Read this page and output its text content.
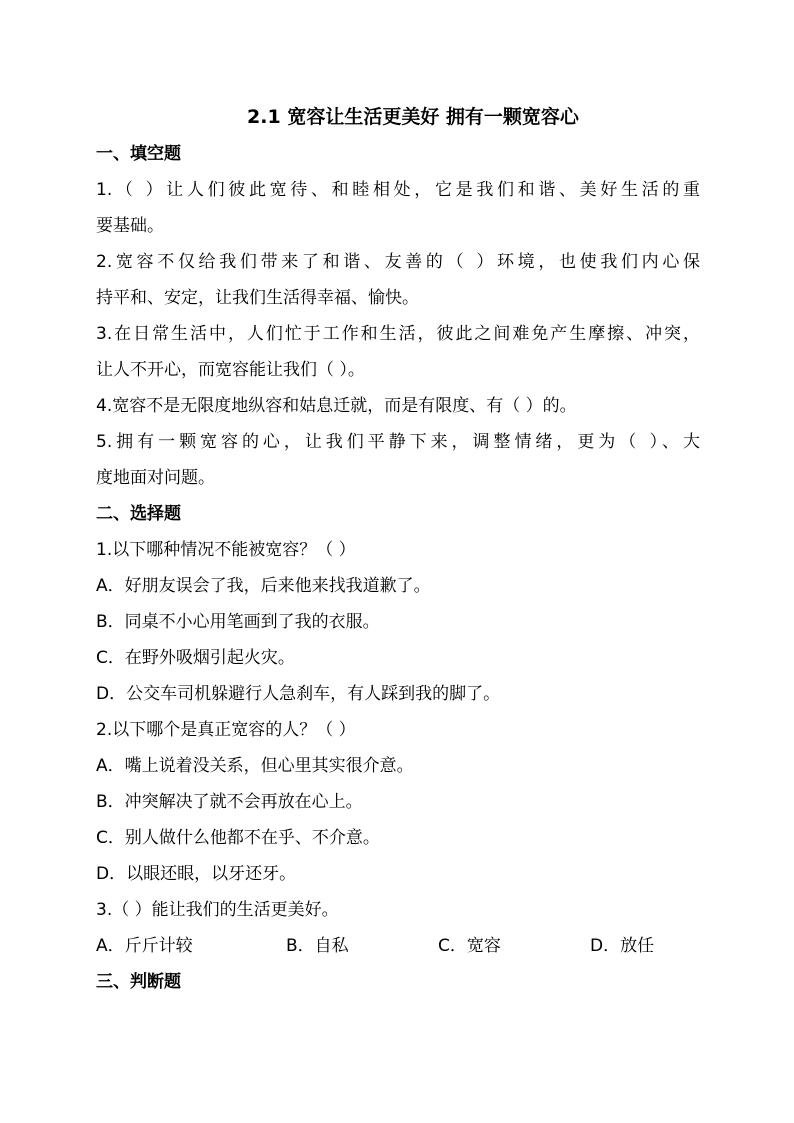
2.1 宽容让生活更美好 拥有一颗宽容心
一、填空题
1.（ ）让人们彼此宽待、和睦相处，它是我们和谐、美好生活的重
要基础。
2.宽容不仅给我们带来了和谐、友善的（ ）环境，也使我们内心保
持平和、安定，让我们生活得幸福、愉快。
3.在日常生活中，人们忙于工作和生活，彼此之间难免产生摩擦、冲突，
让人不开心，而宽容能让我们（ ）。
4.宽容不是无限度地纵容和姑息迁就，而是有限度、有（ ）的。
5.拥有一颗宽容的心，让我们平静下来，调整情绪，更为（ ）、大
度地面对问题。
二、选择题
1.以下哪种情况不能被宽容？（ ）
A．好朋友误会了我，后来他来找我道歉了。
B．同桌不小心用笔画到了我的衣服。
C．在野外吸烟引起火灾。
D．公交车司机躲避行人急刹车，有人踩到我的脚了。
2.以下哪个是真正宽容的人？（ ）
A．嘴上说着没关系，但心里其实很介意。
B．冲突解决了就不会再放在心上。
C．别人做什么他都不在乎、不介意。
D．以眼还眼，以牙还牙。
3.（ ）能让我们的生活更美好。
A．斤斤计较	B．自私	C．宽容	D．放任
三、判断题
